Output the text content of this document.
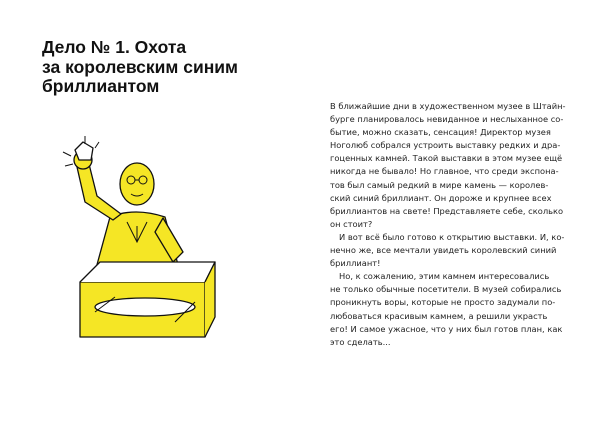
Дело № 1. Охота
за королевским синим
бриллиантом
В ближайшие дни в художественном музее в Штайн-
бурге планировалось невиданное и неслыханное со-
бытие, можно сказать, сенсация! Директор музея
Ноголюб собрался устроить выставку редких и дра-
гоценных камней. Такой выставки в этом музее ещё
никогда не бывало! Но главное, что среди экспона-
тов был самый редкий в мире камень — королев-
ский синий бриллиант. Он дороже и крупнее всех
бриллиантов на свете! Представляете себе, сколько
он стоит?
И вот всё было готово к открытию выставки. И, ко-
нечно же, все мечтали увидеть королевский синий
бриллиант!
Но, к сожалению, этим камнем интересовались
не только обычные посетители. В музей собирались
проникнуть воры, которые не просто задумали по-
любоваться красивым камнем, а решили украсть
его! И самое ужасное, что у них был готов план, как
это сделать...
